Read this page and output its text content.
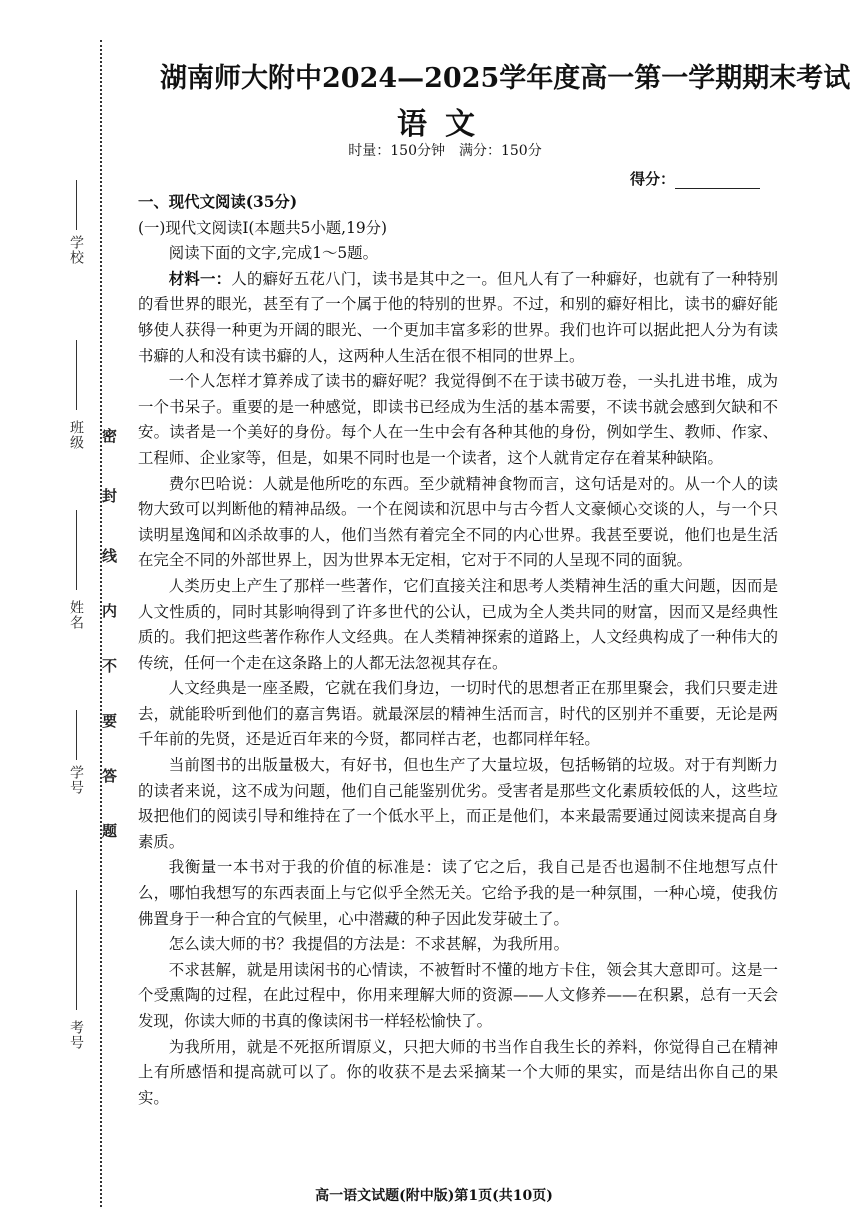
学校
班级
姓名
学号
考号
密
封
线
内
不
要
答
题
湖南师大附中2024—2025学年度高一第一学期期末考试
语文
时量：150分钟　满分：150分
得分：

一、现代文阅读(35分)

(一)现代文阅读Ⅰ(本题共5小题,19分)

阅读下面的文字,完成1～5题。

材料一：人的癖好五花八门，读书是其中之一。但凡人有了一种癖好，也就有了一种特别的看世界的眼光，甚至有了一个属于他的特别的世界。不过，和别的癖好相比，读书的癖好能够使人获得一种更为开阔的眼光、一个更加丰富多彩的世界。我们也许可以据此把人分为有读书癖的人和没有读书癖的人，这两种人生活在很不相同的世界上。

一个人怎样才算养成了读书的癖好呢？我觉得倒不在于读书破万卷，一头扎进书堆，成为一个书呆子。重要的是一种感觉，即读书已经成为生活的基本需要，不读书就会感到欠缺和不安。读者是一个美好的身份。每个人在一生中会有各种其他的身份，例如学生、教师、作家、工程师、企业家等，但是，如果不同时也是一个读者，这个人就肯定存在着某种缺陷。

费尔巴哈说：人就是他所吃的东西。至少就精神食物而言，这句话是对的。从一个人的读物大致可以判断他的精神品级。一个在阅读和沉思中与古今哲人文豪倾心交谈的人，与一个只读明星逸闻和凶杀故事的人，他们当然有着完全不同的内心世界。我甚至要说，他们也是生活在完全不同的外部世界上，因为世界本无定相，它对于不同的人呈现不同的面貌。

人类历史上产生了那样一些著作，它们直接关注和思考人类精神生活的重大问题，因而是人文性质的，同时其影响得到了许多世代的公认，已成为全人类共同的财富，因而又是经典性质的。我们把这些著作称作人文经典。在人类精神探索的道路上，人文经典构成了一种伟大的传统，任何一个走在这条路上的人都无法忽视其存在。

人文经典是一座圣殿，它就在我们身边，一切时代的思想者正在那里聚会，我们只要走进去，就能聆听到他们的嘉言隽语。就最深层的精神生活而言，时代的区别并不重要，无论是两千年前的先贤，还是近百年来的今贤，都同样古老，也都同样年轻。

当前图书的出版量极大，有好书，但也生产了大量垃圾，包括畅销的垃圾。对于有判断力的读者来说，这不成为问题，他们自己能鉴别优劣。受害者是那些文化素质较低的人，这些垃圾把他们的阅读引导和维持在了一个低水平上，而正是他们，本来最需要通过阅读来提高自身素质。

我衡量一本书对于我的价值的标准是：读了它之后，我自己是否也遏制不住地想写点什么，哪怕我想写的东西表面上与它似乎全然无关。它给予我的是一种氛围，一种心境，使我仿佛置身于一种合宜的气候里，心中潜藏的种子因此发芽破土了。

怎么读大师的书？我提倡的方法是：不求甚解，为我所用。

不求甚解，就是用读闲书的心情读，不被暂时不懂的地方卡住，领会其大意即可。这是一个受熏陶的过程，在此过程中，你用来理解大师的资源——人文修养——在积累，总有一天会发现，你读大师的书真的像读闲书一样轻松愉快了。

为我所用，就是不死抠所谓原义，只把大师的书当作自我生长的养料，你觉得自己在精神上有所感悟和提高就可以了。你的收获不是去采摘某一个大师的果实，而是结出你自己的果实。

高一语文试题(附中版)第1页(共10页)
